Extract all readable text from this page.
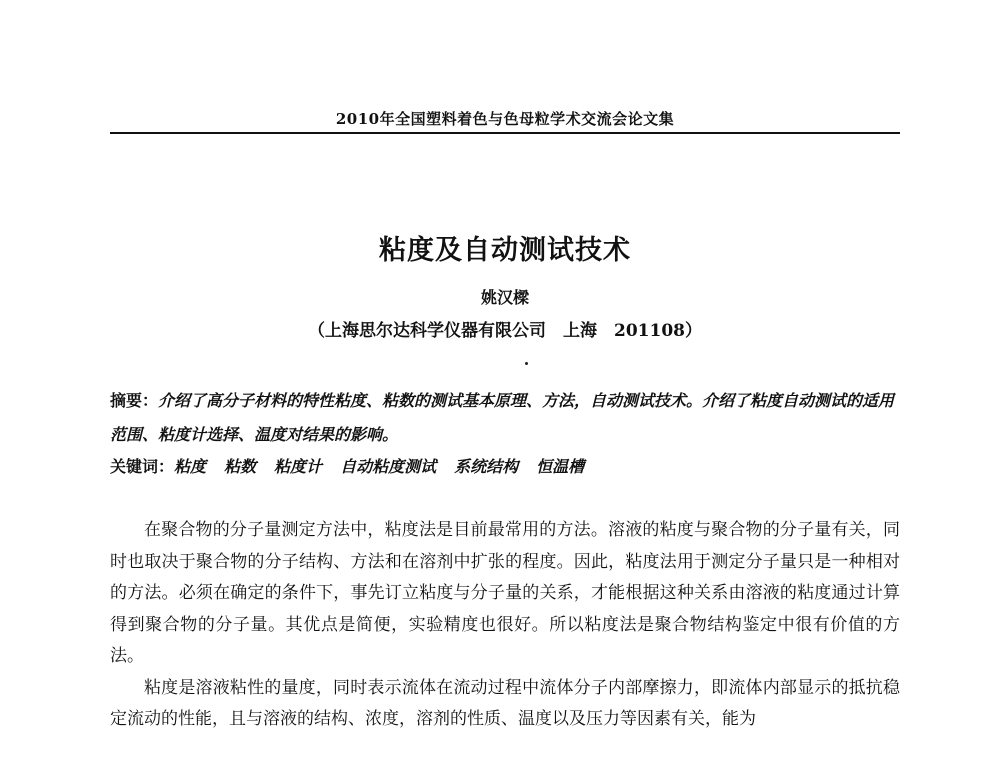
2010年全国塑料着色与色母粒学术交流会论文集
粘度及自动测试技术
姚汉樑
（上海思尔达科学仪器有限公司　上海　201108）
摘要：介绍了高分子材料的特性粘度、粘数的测试基本原理、方法，自动测试技术。介绍了粘度自动测试的适用范围、粘度计选择、温度对结果的影响。
关键词：粘度 粘数 粘度计 自动粘度测试 系统结构 恒温槽

在聚合物的分子量测定方法中，粘度法是目前最常用的方法。溶液的粘度与聚合物的分子量有关，同时也取决于聚合物的分子结构、方法和在溶剂中扩张的程度。因此，粘度法用于测定分子量只是一种相对的方法。必须在确定的条件下，事先订立粘度与分子量的关系，才能根据这种关系由溶液的粘度通过计算得到聚合物的分子量。其优点是简便，实验精度也很好。所以粘度法是聚合物结构鉴定中很有价值的方法。

粘度是溶液粘性的量度，同时表示流体在流动过程中流体分子内部摩擦力，即流体内部显示的抵抗稳定流动的性能，且与溶液的结构、浓度，溶剂的性质、温度以及压力等因素有关，能为
